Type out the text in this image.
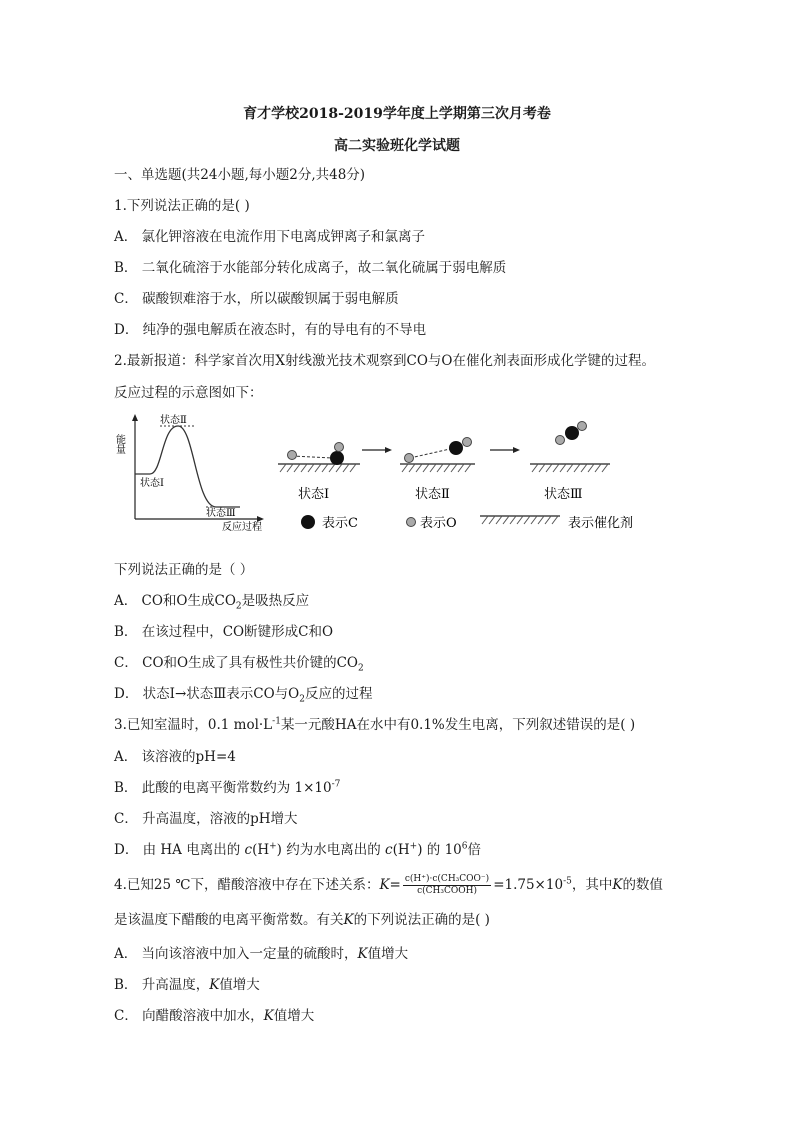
育才学校2018-2019学年度上学期第三次月考卷
高二实验班化学试题
一、单选题(共24小题,每小题2分,共48分)
1.下列说法正确的是( )
A． 氯化钾溶液在电流作用下电离成钾离子和氯离子
B． 二氧化硫溶于水能部分转化成离子，故二氧化硫属于弱电解质
C． 碳酸钡难溶于水，所以碳酸钡属于弱电解质
D． 纯净的强电解质在液态时，有的导电有的不导电
2.最新报道：科学家首次用X射线激光技术观察到CO与O在催化剂表面形成化学键的过程。
反应过程的示意图如下：
能量
状态Ⅱ
状态Ⅰ
状态Ⅲ
反应过程
状态Ⅰ	状态Ⅱ	状态Ⅲ
表示C	表示O	表示催化剂
下列说法正确的是（ ）
A． CO和O生成$CO_2$是吸热反应
B． 在该过程中，CO断键形成C和O
C． CO和O生成了具有极性共价键的$CO_2$
D． 状态Ⅰ→状态Ⅲ表示CO与$O_2$反应的过程
3.已知室温时，0.1 $mol\cdot L^{-1}$某一元酸HA在水中有0.1%发生电离，下列叙述错误的是( )
A． 该溶液的pH=4
B． 此酸的电离平衡常数约为 $1\times 10^{-7}$
C． 升高温度，溶液的pH增大
D． 由 HA 电离出的 c(H+) 约为水电离出的 c(H+) 的 $10^6$倍
4.已知25 ℃下，醋酸溶液中存在下述关系：$K= \frac{\text{c(H⁺)·c(CH₃COO⁻)}}{\text{c(CH₃COOH)}} =1.75\times 10^{-5}$，其中K的数值
是该温度下醋酸的电离平衡常数。有关K的下列说法正确的是( )
A． 当向该溶液中加入一定量的硫酸时，K值增大
B． 升高温度，K值增大
C． 向醋酸溶液中加水，K值增大
